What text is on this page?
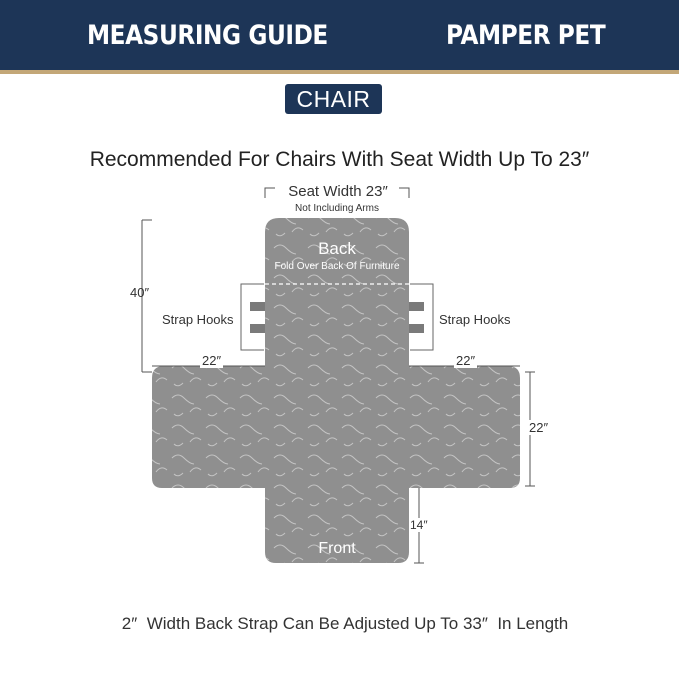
MEASURING GUIDE	PAMPER PET
CHAIR
Recommended For Chairs With Seat Width Up To 23″
Seat Width 23″
Not Including Arms
Back
Fold Over Back Of Furniture
Front
40″
Strap Hooks	Strap Hooks
22″	22″
22″
14″
2″  Width Back Strap Can Be Adjusted Up To 33″  In Length
